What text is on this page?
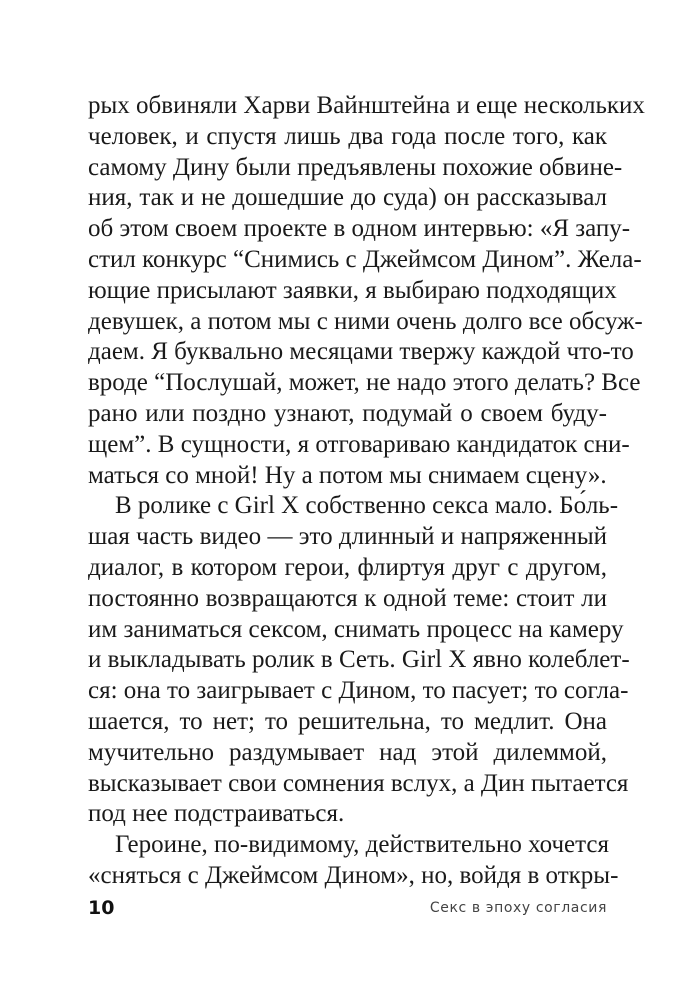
рых обвиняли Харви Вайнштейна и еще нескольких
человек, и спустя лишь два года после того, как
самому Дину были предъявлены похожие обвине-
ния, так и не дошедшие до суда) он рассказывал
об этом своем проекте в одном интервью: «Я запу-
стил конкурс “Снимись с Джеймсом Дином”. Жела-
ющие присылают заявки, я выбираю подходящих
девушек, а потом мы с ними очень долго все обсуж-
даем. Я буквально месяцами твержу каждой что-то
вроде “Послушай, может, не надо этого делать? Все
рано или поздно узнают, подумай о своем буду-
щем”. В сущности, я отговариваю кандидаток сни-
маться со мной! Ну а потом мы снимаем сцену».
В ролике с Girl X собственно секса мало. Бо́ль-
шая часть видео — это длинный и напряженный
диалог, в котором герои, флиртуя друг с другом,
постоянно возвращаются к одной теме: стоит ли
им заниматься сексом, снимать процесс на камеру
и выкладывать ролик в Сеть. Girl X явно колеблет-
ся: она то заигрывает с Дином, то пасует; то согла-
шается, то нет; то решительна, то медлит. Она
мучительно раздумывает над этой дилеммой,
высказывает свои сомнения вслух, а Дин пытается
под нее подстраиваться.
Героине, по-видимому, действительно хочется
«сняться с Джеймсом Дином», но, войдя в откры-
10	Секс в эпоху согласия
